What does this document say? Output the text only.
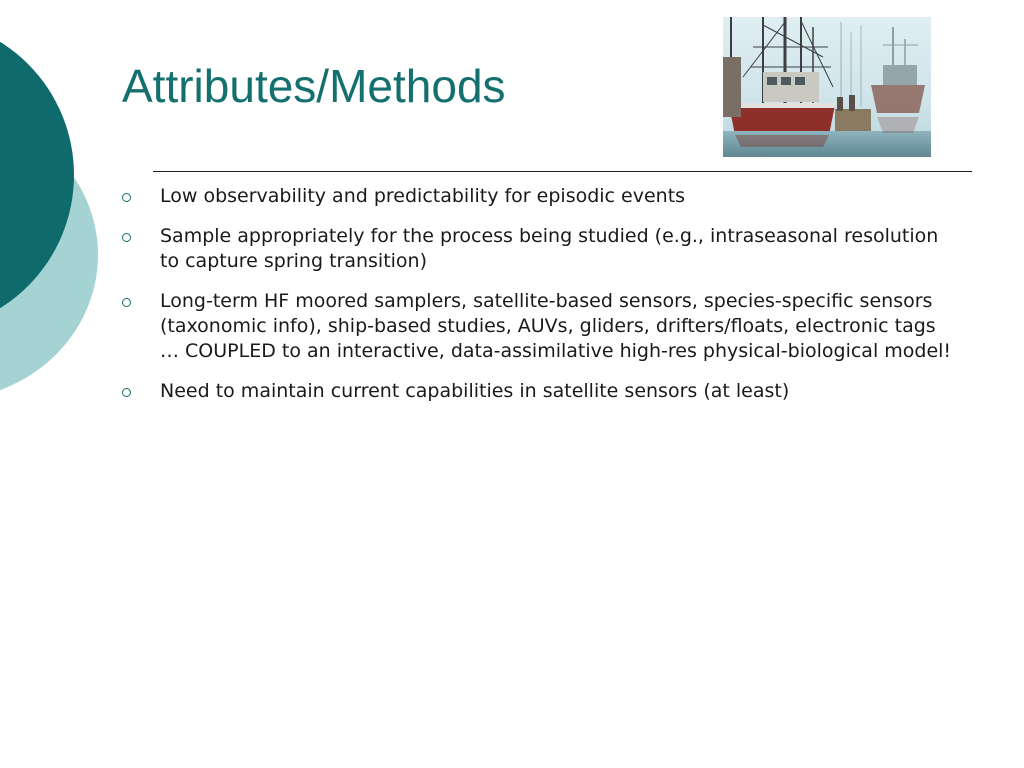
Attributes/Methods
Low observability and predictability for episodic events
Sample appropriately for the process being studied (e.g., intraseasonal resolution to capture spring transition)
Long-term HF moored samplers, satellite-based sensors, species-specific sensors (taxonomic info), ship-based studies, AUVs, gliders, drifters/floats, electronic tags … COUPLED to an interactive, data-assimilative high-res physical-biological model!
Need to maintain current capabilities in satellite sensors (at least)
